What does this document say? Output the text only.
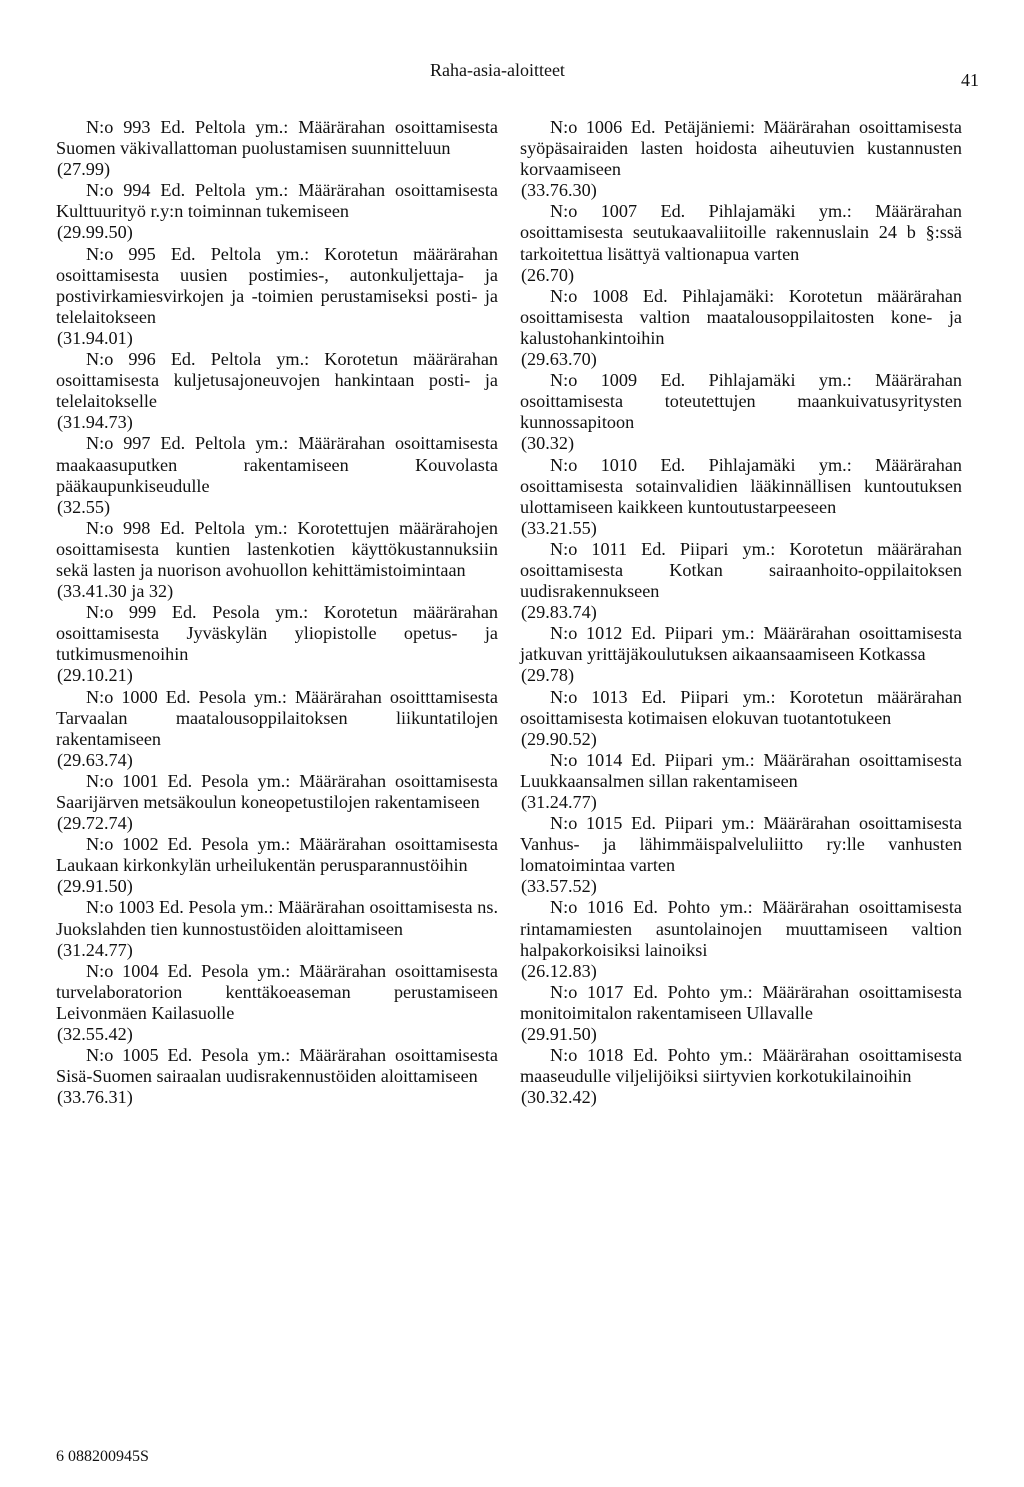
Raha-asia-aloitteet	41
N:o 993 Ed. Peltola ym.: Määrärahan osoittamisesta Suomen väkivallattoman puolustamisen suunnitteluun
(27.99)
N:o 994 Ed. Peltola ym.: Määrärahan osoittamisesta Kulttuurityö r.y:n toiminnan tukemiseen
(29.99.50)
N:o 995 Ed. Peltola ym.: Korotetun määrärahan osoittamisesta uusien postimies-, autonkuljettaja- ja postivirkamiesvirkojen ja -toimien perustamiseksi posti- ja telelaitokseen
(31.94.01)
N:o 996 Ed. Peltola ym.: Korotetun määrärahan osoittamisesta kuljetusajoneuvojen hankintaan posti- ja telelaitokselle
(31.94.73)
N:o 997 Ed. Peltola ym.: Määrärahan osoittamisesta maakaasuputken rakentamiseen Kouvolasta pääkaupunkiseudulle
(32.55)
N:o 998 Ed. Peltola ym.: Korotettujen määrärahojen osoittamisesta kuntien lastenkotien käyttökustannuksiin sekä lasten ja nuorison avohuollon kehittämistoimintaan
(33.41.30 ja 32)
N:o 999 Ed. Pesola ym.: Korotetun määrärahan osoittamisesta Jyväskylän yliopistolle opetus- ja tutkimusmenoihin
(29.10.21)
N:o 1000 Ed. Pesola ym.: Määrärahan osoitttamisesta Tarvaalan maatalousoppilaitoksen liikuntatilojen rakentamiseen
(29.63.74)
N:o 1001 Ed. Pesola ym.: Määrärahan osoittamisesta Saarijärven metsäkoulun koneopetustilojen rakentamiseen
(29.72.74)
N:o 1002 Ed. Pesola ym.: Määrärahan osoittamisesta Laukaan kirkonkylän urheilukentän perusparannustöihin
(29.91.50)
N:o 1003 Ed. Pesola ym.: Määrärahan osoittamisesta ns. Juokslahden tien kunnostustöiden aloittamiseen
(31.24.77)
N:o 1004 Ed. Pesola ym.: Määrärahan osoittamisesta turvelaboratorion kenttäkoeaseman perustamiseen Leivonmäen Kailasuolle
(32.55.42)
N:o 1005 Ed. Pesola ym.: Määrärahan osoittamisesta Sisä-Suomen sairaalan uudisrakennustöiden aloittamiseen
(33.76.31)
N:o 1006 Ed. Petäjäniemi: Määrärahan osoittamisesta syöpäsairaiden lasten hoidosta aiheutuvien kustannusten korvaamiseen
(33.76.30)
N:o 1007 Ed. Pihlajamäki ym.: Määrärahan osoittamisesta seutukaavaliitoille rakennuslain 24 b §:ssä tarkoitettua lisättyä valtionapua varten
(26.70)
N:o 1008 Ed. Pihlajamäki: Korotetun määrärahan osoittamisesta valtion maatalousoppilaitosten kone- ja kalustohankintoihin
(29.63.70)
N:o 1009 Ed. Pihlajamäki ym.: Määrärahan osoittamisesta toteutettujen maankuivatusyritysten kunnossapitoon
(30.32)
N:o 1010 Ed. Pihlajamäki ym.: Määrärahan osoittamisesta sotainvalidien lääkinnällisen kuntoutuksen ulottamiseen kaikkeen kuntoutustarpeeseen
(33.21.55)
N:o 1011 Ed. Piipari ym.: Korotetun määrärahan osoittamisesta Kotkan sairaanhoito-oppilaitoksen uudisrakennukseen
(29.83.74)
N:o 1012 Ed. Piipari ym.: Määrärahan osoittamisesta jatkuvan yrittäjäkoulutuksen aikaansaamiseen Kotkassa
(29.78)
N:o 1013 Ed. Piipari ym.: Korotetun määrärahan osoittamisesta kotimaisen elokuvan tuotantotukeen
(29.90.52)
N:o 1014 Ed. Piipari ym.: Määrärahan osoittamisesta Luukkaansalmen sillan rakentamiseen
(31.24.77)
N:o 1015 Ed. Piipari ym.: Määrärahan osoittamisesta Vanhus- ja lähimmäispalveluliitto ry:lle vanhusten lomatoimintaa varten
(33.57.52)
N:o 1016 Ed. Pohto ym.: Määrärahan osoittamisesta rintamamiesten asuntolainojen muuttamiseen valtion halpakorkoisiksi lainoiksi
(26.12.83)
N:o 1017 Ed. Pohto ym.: Määrärahan osoittamisesta monitoimitalon rakentamiseen Ullavalle
(29.91.50)
N:o 1018 Ed. Pohto ym.: Määrärahan osoittamisesta maaseudulle viljelijöiksi siirtyvien korkotukilainoihin
(30.32.42)
6 088200945S
